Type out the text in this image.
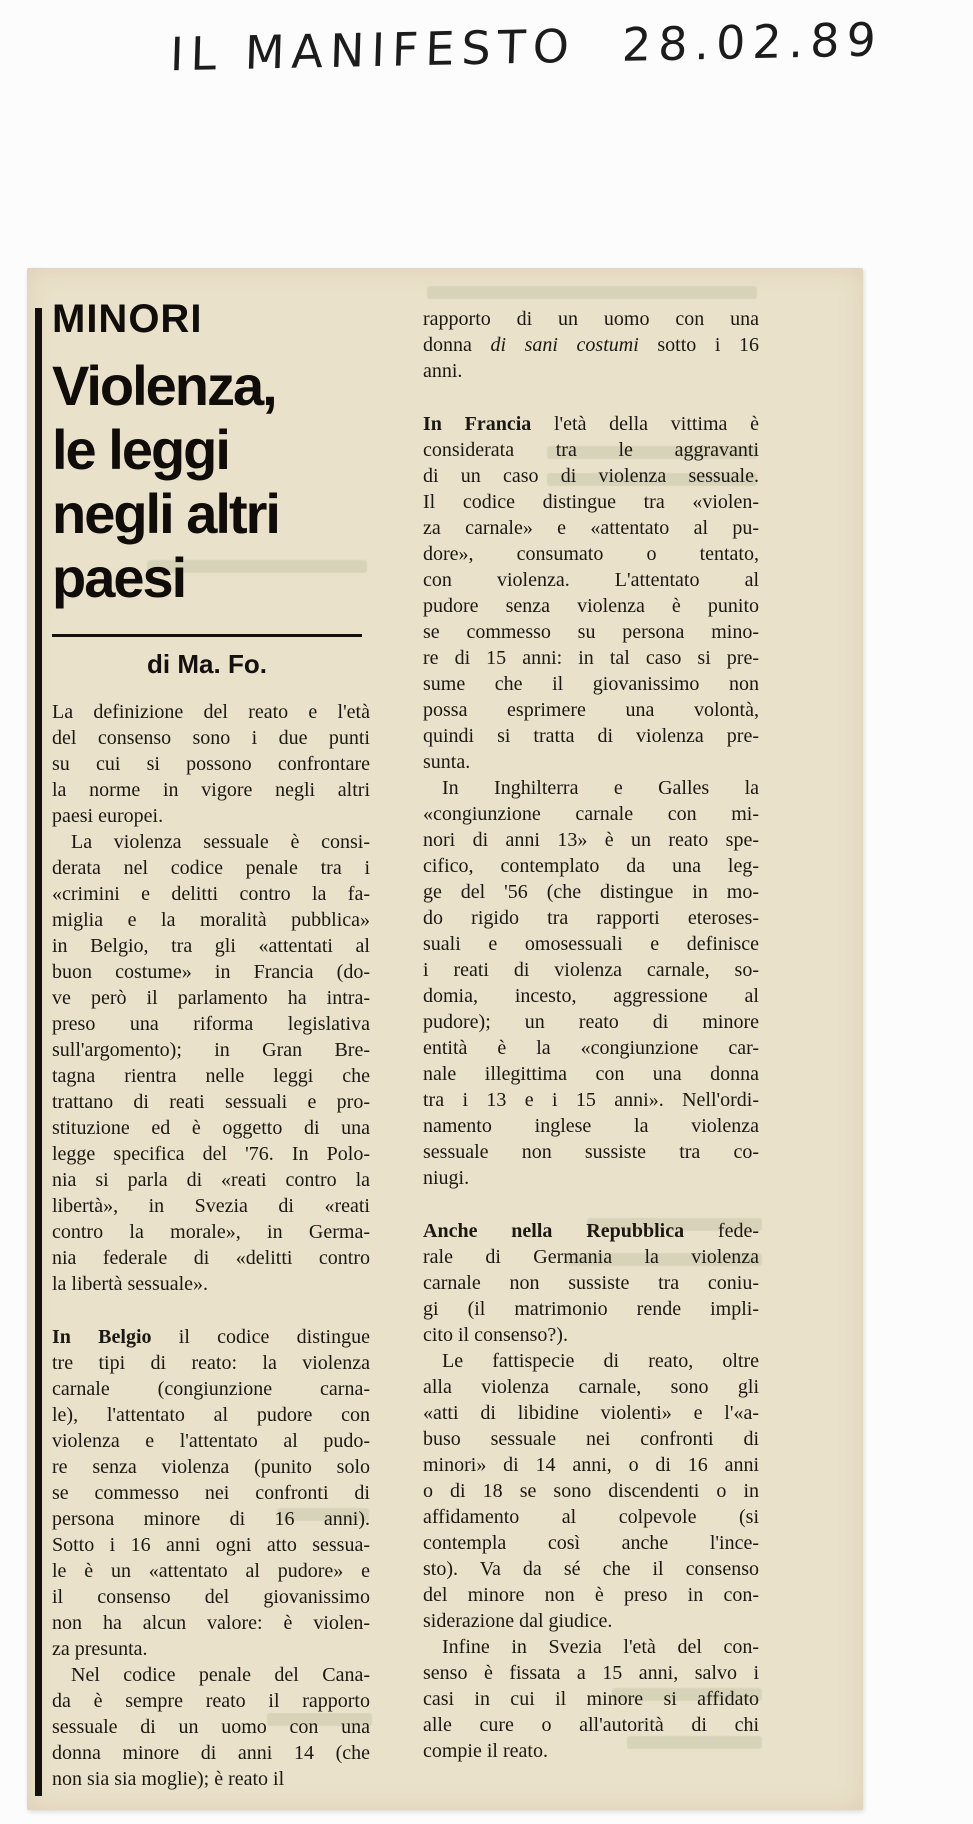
IL MANIFESTO 28.02.89
MINORI
Violenza,
le leggi
negli altri
paesi
di Ma. Fo.
La definizione del reato e l'età
del consenso sono i due punti
su cui si possono confrontare
la norme in vigore negli altri
paesi europei.
La violenza sessuale è consi-
derata nel codice penale tra i
«crimini e delitti contro la fa-
miglia e la moralità pubblica»
in Belgio, tra gli «attentati al
buon costume» in Francia (do-
ve però il parlamento ha intra-
preso una riforma legislativa
sull'argomento); in Gran Bre-
tagna rientra nelle leggi che
trattano di reati sessuali e pro-
stituzione ed è oggetto di una
legge specifica del '76. In Polo-
nia si parla di «reati contro la
libertà», in Svezia di «reati
contro la morale», in Germa-
nia federale di «delitti contro
la libertà sessuale».
In Belgio il codice distingue
tre tipi di reato: la violenza
carnale (congiunzione carna-
le), l'attentato al pudore con
violenza e l'attentato al pudo-
re senza violenza (punito solo
se commesso nei confronti di
persona minore di 16 anni).
Sotto i 16 anni ogni atto sessua-
le è un «attentato al pudore» e
il consenso del giovanissimo
non ha alcun valore: è violen-
za presunta.
Nel codice penale del Cana-
da è sempre reato il rapporto
sessuale di un uomo con una
donna minore di anni 14 (che
non sia sia moglie); è reato il
rapporto di un uomo con una
donna di sani costumi sotto i 16
anni.
In Francia l'età della vittima è
considerata tra le aggravanti
di un caso di violenza sessuale.
Il codice distingue tra «violen-
za carnale» e «attentato al pu-
dore», consumato o tentato,
con violenza. L'attentato al
pudore senza violenza è punito
se commesso su persona mino-
re di 15 anni: in tal caso si pre-
sume che il giovanissimo non
possa esprimere una volontà,
quindi si tratta di violenza pre-
sunta.
In Inghilterra e Galles la
«congiunzione carnale con mi-
nori di anni 13» è un reato spe-
cifico, contemplato da una leg-
ge del '56 (che distingue in mo-
do rigido tra rapporti eteroses-
suali e omosessuali e definisce
i reati di violenza carnale, so-
domia, incesto, aggressione al
pudore); un reato di minore
entità è la «congiunzione car-
nale illegittima con una donna
tra i 13 e i 15 anni». Nell'ordi-
namento inglese la violenza
sessuale non sussiste tra co-
niugi.
Anche nella Repubblica fede-
rale di Germania la violenza
carnale non sussiste tra coniu-
gi (il matrimonio rende impli-
cito il consenso?).
Le fattispecie di reato, oltre
alla violenza carnale, sono gli
«atti di libidine violenti» e l'«a-
buso sessuale nei confronti di
minori» di 14 anni, o di 16 anni
o di 18 se sono discendenti o in
affidamento al colpevole (si
contempla così anche l'ince-
sto). Va da sé che il consenso
del minore non è preso in con-
siderazione dal giudice.
Infine in Svezia l'età del con-
senso è fissata a 15 anni, salvo i
casi in cui il minore si affidato
alle cure o all'autorità di chi
compie il reato.
